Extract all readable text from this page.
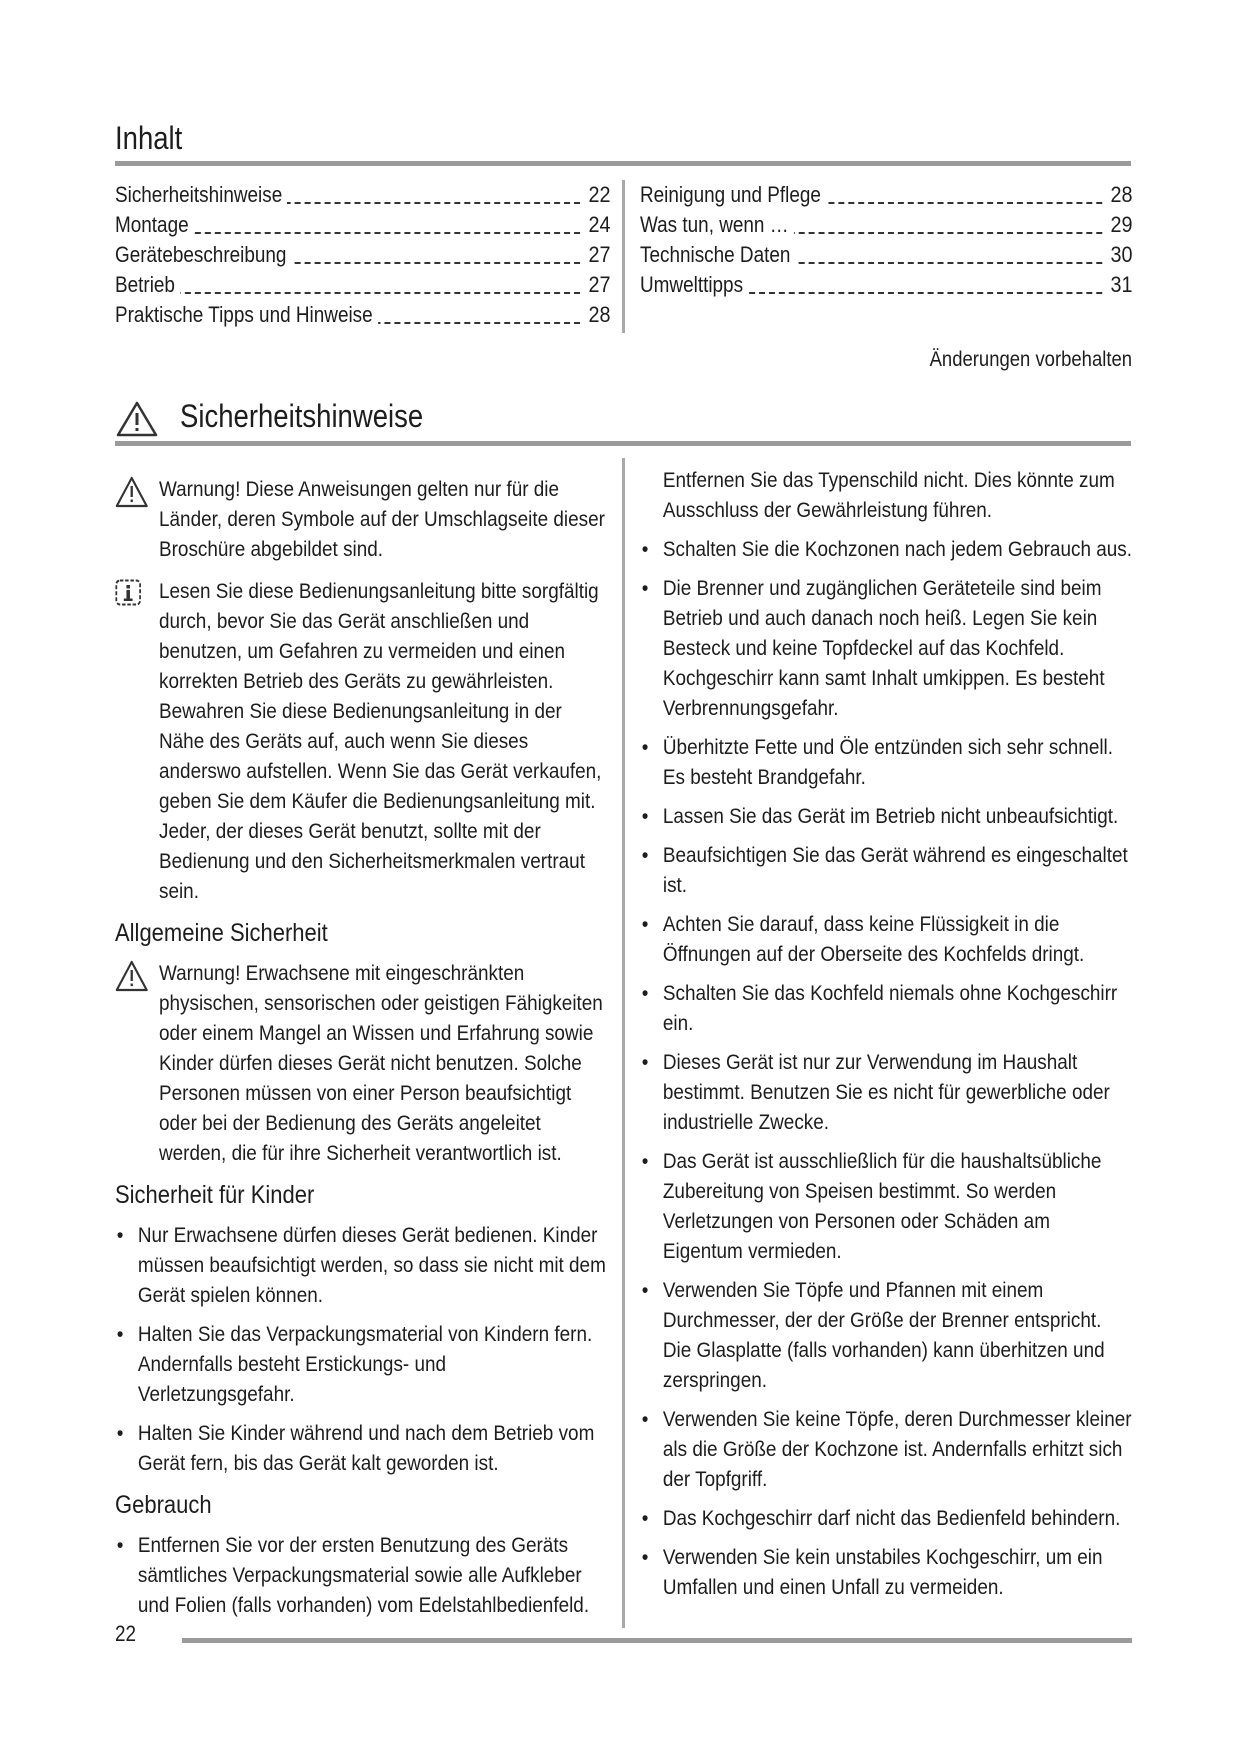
Inhalt
Sicherheitshinweise	22
Montage	24
Gerätebeschreibung	27
Betrieb	27
Praktische Tipps und Hinweise	28
Reinigung und Pflege	28
Was tun, wenn …	29
Technische Daten	30
Umwelttipps	31
Änderungen vorbehalten
Sicherheitshinweise

Warnung! Diese Anweisungen gelten nur für die Länder, deren Symbole auf der Umschlagseite dieser Broschüre abgebildet sind.

Lesen Sie diese Bedienungsanleitung bitte sorgfältig durch, bevor Sie das Gerät anschließen und benutzen, um Gefahren zu vermeiden und einen korrekten Betrieb des Geräts zu gewährleisten. Bewahren Sie diese Bedienungsanleitung in der Nähe des Geräts auf, auch wenn Sie dieses anderswo aufstellen. Wenn Sie das Gerät verkaufen, geben Sie dem Käufer die Bedienungsanleitung mit. Jeder, der dieses Gerät benutzt, sollte mit der Bedienung und den Sicherheitsmerkmalen vertraut sein.

Allgemeine Sicherheit

Warnung! Erwachsene mit eingeschränkten physischen, sensorischen oder geistigen Fähigkeiten oder einem Mangel an Wissen und Erfahrung sowie Kinder dürfen dieses Gerät nicht benutzen. Solche Personen müssen von einer Person beaufsichtigt oder bei der Bedienung des Geräts angeleitet werden, die für ihre Sicherheit verantwortlich ist.

Sicherheit für Kinder
• Nur Erwachsene dürfen dieses Gerät bedienen. Kinder müssen beaufsichtigt werden, so dass sie nicht mit dem Gerät spielen können.
• Halten Sie das Verpackungsmaterial von Kindern fern. Andernfalls besteht Erstickungs- und Verletzungsgefahr.
• Halten Sie Kinder während und nach dem Betrieb vom Gerät fern, bis das Gerät kalt geworden ist.
Gebrauch
• Entfernen Sie vor der ersten Benutzung des Geräts sämtliches Verpackungsmaterial sowie alle Aufkleber und Folien (falls vorhanden) vom Edelstahlbedienfeld.

Entfernen Sie das Typenschild nicht. Dies könnte zum Ausschluss der Gewährleistung führen.

• Schalten Sie die Kochzonen nach jedem Gebrauch aus.
• Die Brenner und zugänglichen Geräteteile sind beim Betrieb und auch danach noch heiß. Legen Sie kein Besteck und keine Topfdeckel auf das Kochfeld. Kochgeschirr kann samt Inhalt umkippen. Es besteht Verbrennungsgefahr.
• Überhitzte Fette und Öle entzünden sich sehr schnell. Es besteht Brandgefahr.
• Lassen Sie das Gerät im Betrieb nicht unbeaufsichtigt.
• Beaufsichtigen Sie das Gerät während es eingeschaltet ist.
• Achten Sie darauf, dass keine Flüssigkeit in die Öffnungen auf der Oberseite des Kochfelds dringt.
• Schalten Sie das Kochfeld niemals ohne Kochgeschirr ein.
• Dieses Gerät ist nur zur Verwendung im Haushalt bestimmt. Benutzen Sie es nicht für gewerbliche oder industrielle Zwecke.
• Das Gerät ist ausschließlich für die haushaltsübliche Zubereitung von Speisen bestimmt. So werden Verletzungen von Personen oder Schäden am Eigentum vermieden.
• Verwenden Sie Töpfe und Pfannen mit einem Durchmesser, der der Größe der Brenner entspricht. Die Glasplatte (falls vorhanden) kann überhitzen und zerspringen.
• Verwenden Sie keine Töpfe, deren Durchmesser kleiner als die Größe der Kochzone ist. Andernfalls erhitzt sich der Topfgriff.
• Das Kochgeschirr darf nicht das Bedienfeld behindern.
• Verwenden Sie kein unstabiles Kochgeschirr, um ein Umfallen und einen Unfall zu vermeiden.
22
